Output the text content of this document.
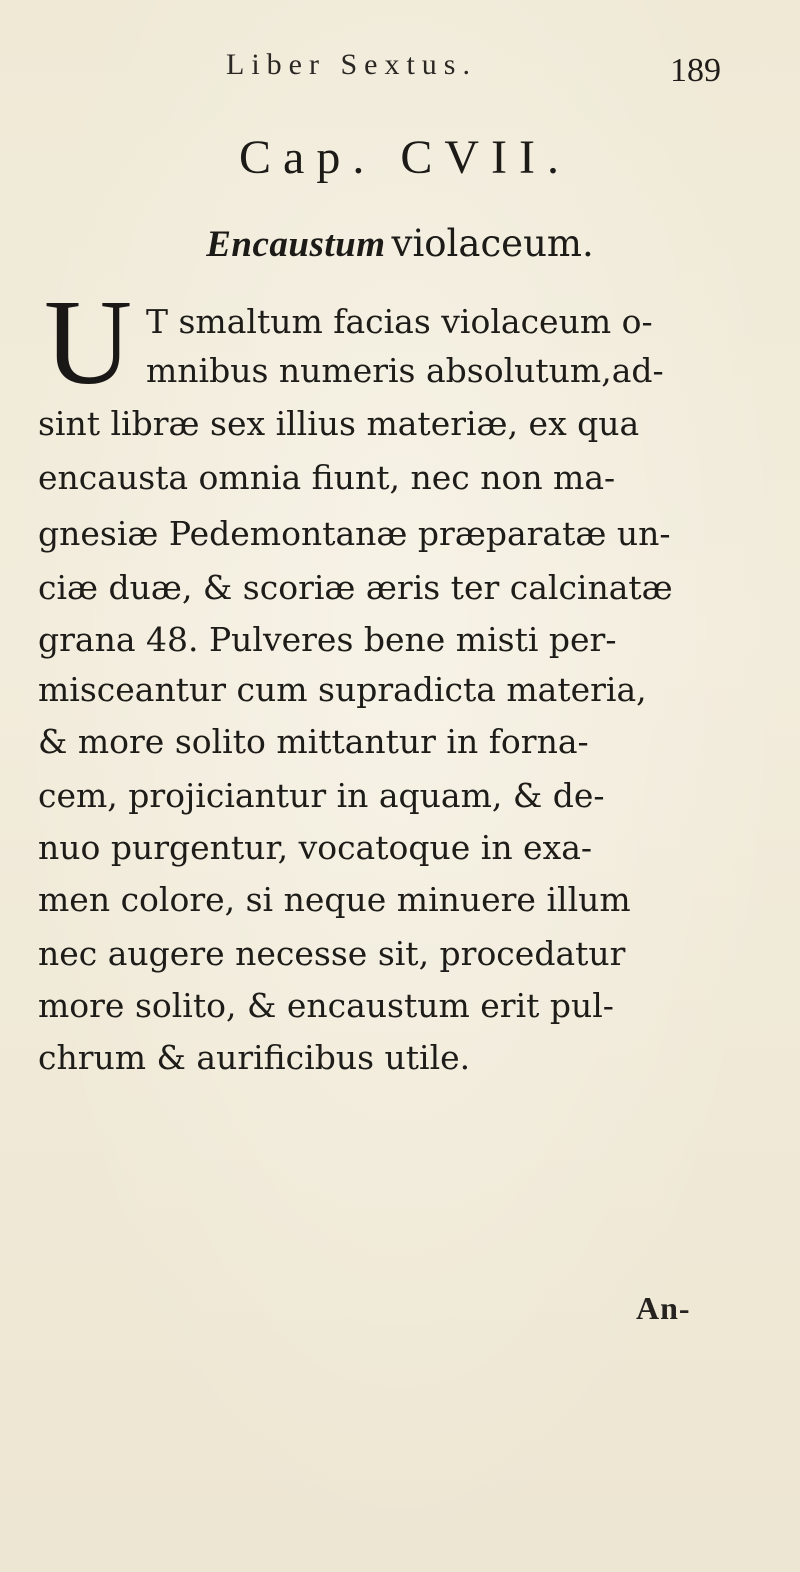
Liber Sextus.	189
Cap. CVII.
Encaustum violaceum.
U T smaltum facias violaceum o-
mnibus numeris absolutum,ad-
sint libræ sex illius materiæ, ex qua
encausta omnia fiunt, nec non ma-
gnesiæ Pedemontanæ præparatæ un-
ciæ duæ, & scoriæ æris ter calcinatæ
grana 48. Pulveres bene misti per-
misceantur cum supradicta materia,
& more solito mittantur in forna-
cem, projiciantur in aquam, & de-
nuo purgentur, vocatoque in exa-
men colore, si neque minuere illum
nec augere necesse sit, procedatur
more solito, & encaustum erit pul-
chrum & aurificibus utile.
An-
